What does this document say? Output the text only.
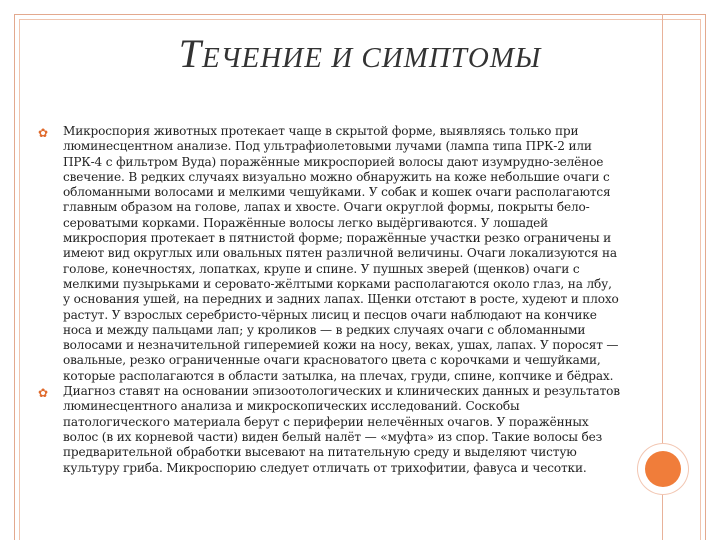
ТЕЧЕНИЕ И СИМПТОМЫ
✿	Микроспория животных протекает чаще в скрытой форме, выявляясь только при люминесцентном анализе. Под ультрафиолетовыми лучами (лампа типа ПРК-2 или ПРК-4 с фильтром Вуда) поражённые микроспорией волосы дают изумрудно-зелёное свечение. В редких случаях визуально можно обнаружить на коже небольшие очаги с обломанными волосами и мелкими чешуйками. У собак и кошек очаги располагаются главным образом на голове, лапах и хвосте. Очаги округлой формы, покрыты бело-сероватыми корками. Поражённые волосы легко выдёргиваются. У лошадей микроспория протекает в пятнистой форме; поражённые участки резко ограничены и имеют вид округлых или овальных пятен различной величины. Очаги локализуются на голове, конечностях, лопатках, крупе и спине. У пушных зверей (щенков) очаги с мелкими пузырьками и серовато-жёлтыми корками располагаются около глаз, на лбу, у основания ушей, на передних и задних лапах. Щенки отстают в росте, худеют и плохо растут. У взрослых серебристо-чёрных лисиц и песцов очаги наблюдают на кончике носа и между пальцами лап; у кроликов — в редких случаях очаги с обломанными волосами и незначительной гиперемией кожи на носу, веках, ушах, лапах. У поросят — овальные, резко ограниченные очаги красноватого цвета с корочками и чешуйками, которые располагаются в области затылка, на плечах, груди, спине, копчике и бёдрах.
✿	Диагноз ставят на основании эпизоотологических и клинических данных и результатов люминесцентного анализа и микроскопических исследований. Соскобы патологического материала берут с периферии нелечённых очагов. У поражённых волос (в их корневой части) виден белый налёт — «муфта» из спор. Такие волосы без предварительной обработки высевают на питательную среду и выделяют чистую культуру гриба. Микроспорию следует отличать от трихофитии, фавуса и чесотки.
